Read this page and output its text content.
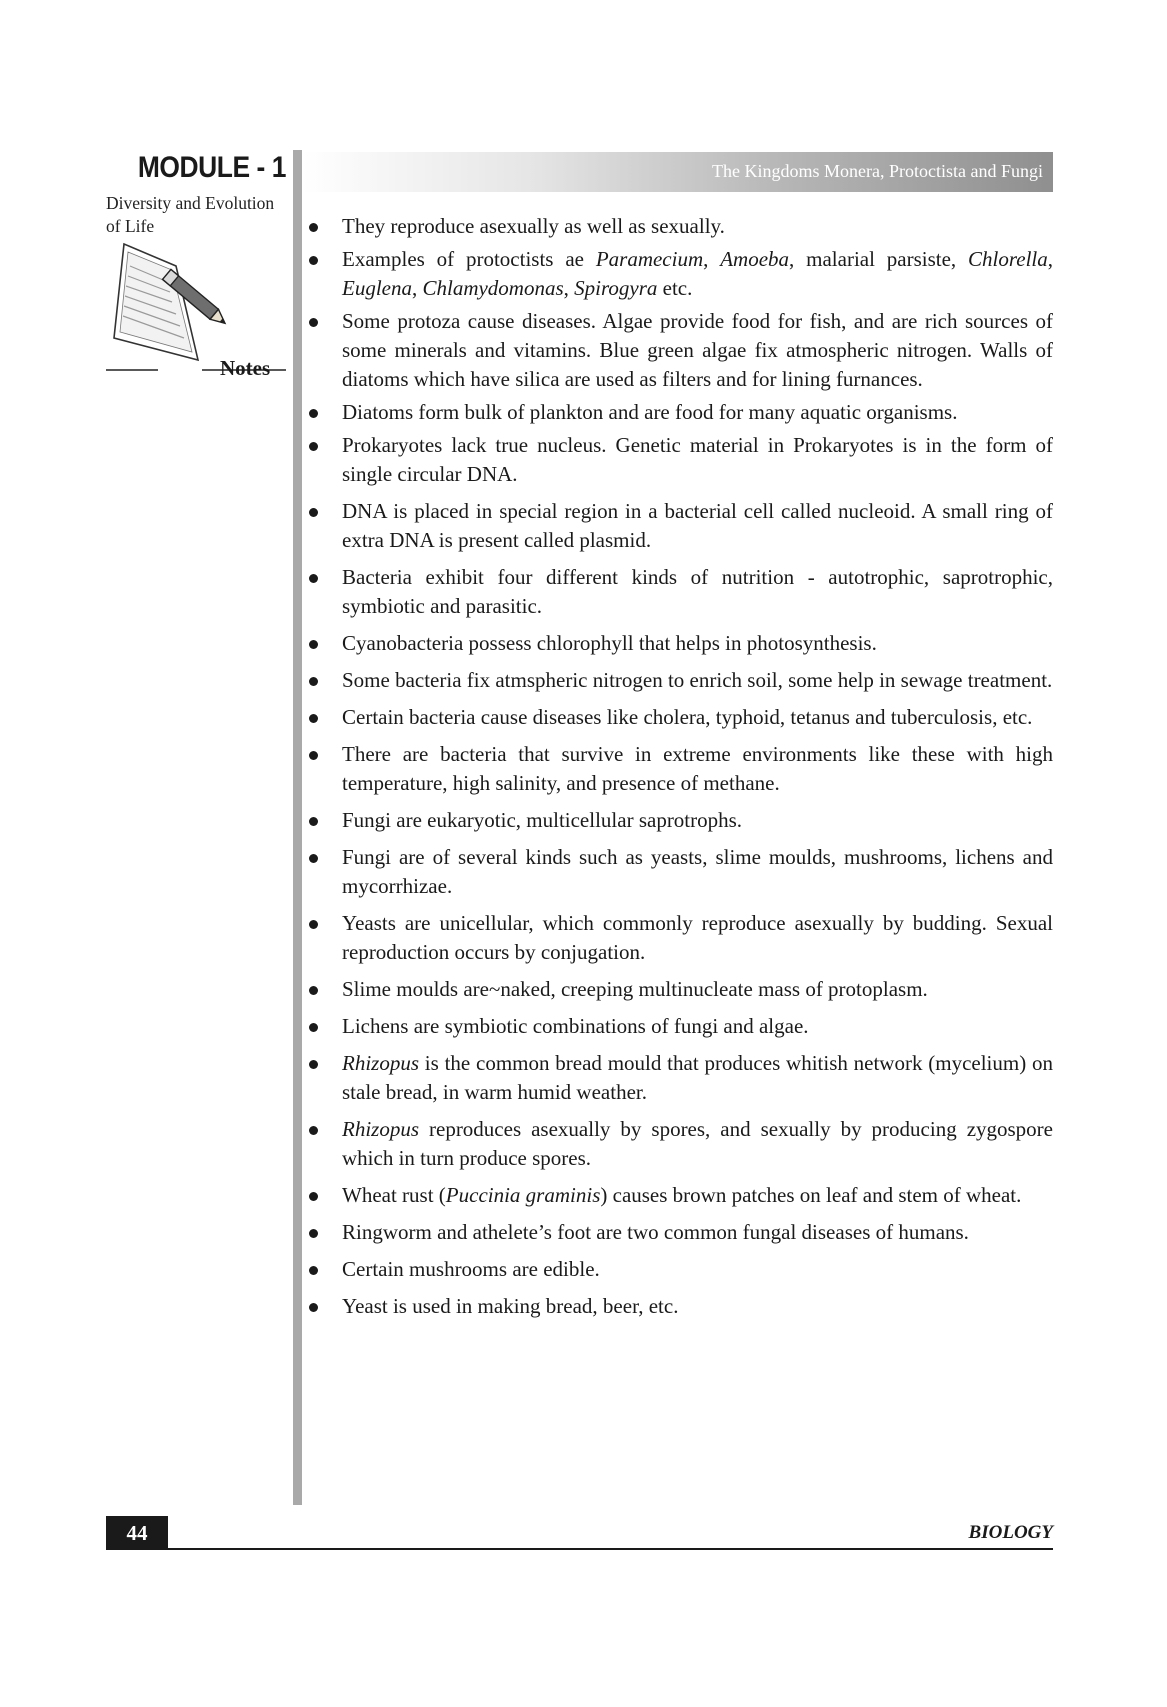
MODULE - 1
Diversity and Evolution
of Life
Notes
The Kingdoms Monera, Protoctista and Fungi
They reproduce asexually as well as sexually.
Examples of protoctists ae Paramecium, Amoeba, malarial parsiste, Chlorella, Euglena, Chlamydomonas, Spirogyra etc.
Some protoza cause diseases. Algae provide food for fish, and are rich sources of some minerals and vitamins. Blue green algae fix atmospheric nitrogen. Walls of diatoms which have silica are used as filters and for lining furnances.
Diatoms form bulk of plankton and are food for many aquatic organisms.
Prokaryotes lack true nucleus. Genetic material in Prokaryotes is in the form of single circular DNA.
DNA is placed in special region in a bacterial cell called nucleoid. A small ring of extra DNA is present called plasmid.
Bacteria exhibit four different kinds of nutrition - autotrophic, saprotrophic, symbiotic and parasitic.
Cyanobacteria possess chlorophyll that helps in photosynthesis.
Some bacteria fix atmspheric nitrogen to enrich soil, some help in sewage treatment.
Certain bacteria cause diseases like cholera, typhoid, tetanus and tuberculosis, etc.
There are bacteria that survive in extreme environments like these with high temperature, high salinity, and presence of methane.
Fungi are eukaryotic, multicellular saprotrophs.
Fungi are of several kinds such as yeasts, slime moulds, mushrooms, lichens and mycorrhizae.
Yeasts are unicellular, which commonly reproduce asexually by budding. Sexual reproduction occurs by conjugation.
Slime moulds are~naked, creeping multinucleate mass of protoplasm.
Lichens are symbiotic combinations of fungi and algae.
Rhizopus is the common bread mould that produces whitish network (mycelium) on stale bread, in warm humid weather.
Rhizopus reproduces asexually by spores, and sexually by producing zygospore which in turn produce spores.
Wheat rust (Puccinia graminis) causes brown patches on leaf and stem of wheat.
Ringworm and athelete’s foot are two common fungal diseases of humans.
Certain mushrooms are edible.
Yeast is used in making bread, beer, etc.
44	BIOLOGY
